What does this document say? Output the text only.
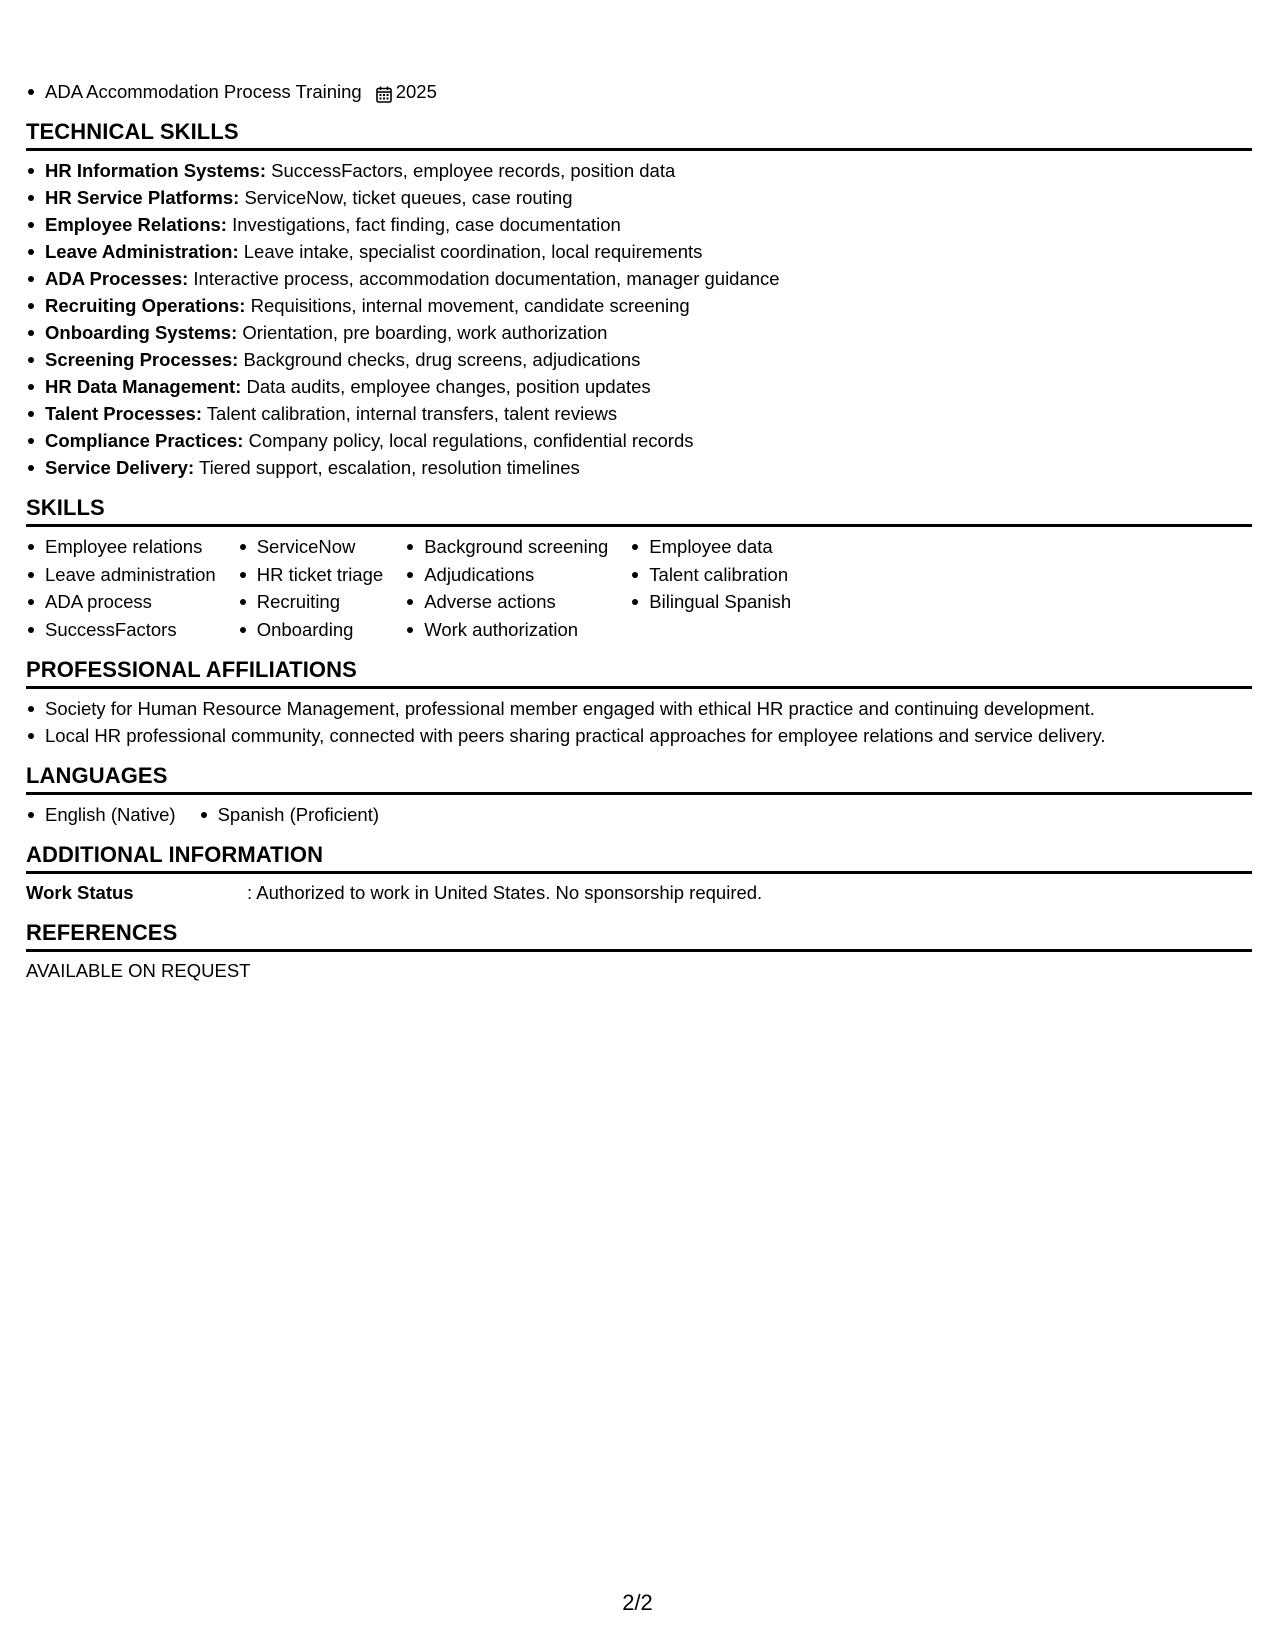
ADA Accommodation Process Training 2025
TECHNICAL SKILLS
HR Information Systems: SuccessFactors, employee records, position data
HR Service Platforms: ServiceNow, ticket queues, case routing
Employee Relations: Investigations, fact finding, case documentation
Leave Administration: Leave intake, specialist coordination, local requirements
ADA Processes: Interactive process, accommodation documentation, manager guidance
Recruiting Operations: Requisitions, internal movement, candidate screening
Onboarding Systems: Orientation, pre boarding, work authorization
Screening Processes: Background checks, drug screens, adjudications
HR Data Management: Data audits, employee changes, position updates
Talent Processes: Talent calibration, internal transfers, talent reviews
Compliance Practices: Company policy, local regulations, confidential records
Service Delivery: Tiered support, escalation, resolution timelines
SKILLS
Employee relations
Leave administration
ADA process
SuccessFactors
ServiceNow
HR ticket triage
Recruiting
Onboarding
Background screening
Adjudications
Adverse actions
Work authorization
Employee data
Talent calibration
Bilingual Spanish
PROFESSIONAL AFFILIATIONS
Society for Human Resource Management, professional member engaged with ethical HR practice and continuing development.
Local HR professional community, connected with peers sharing practical approaches for employee relations and service delivery.
LANGUAGES
English (Native)	Spanish (Proficient)
ADDITIONAL INFORMATION
Work Status	: Authorized to work in United States. No sponsorship required.
REFERENCES
AVAILABLE ON REQUEST
2/2
